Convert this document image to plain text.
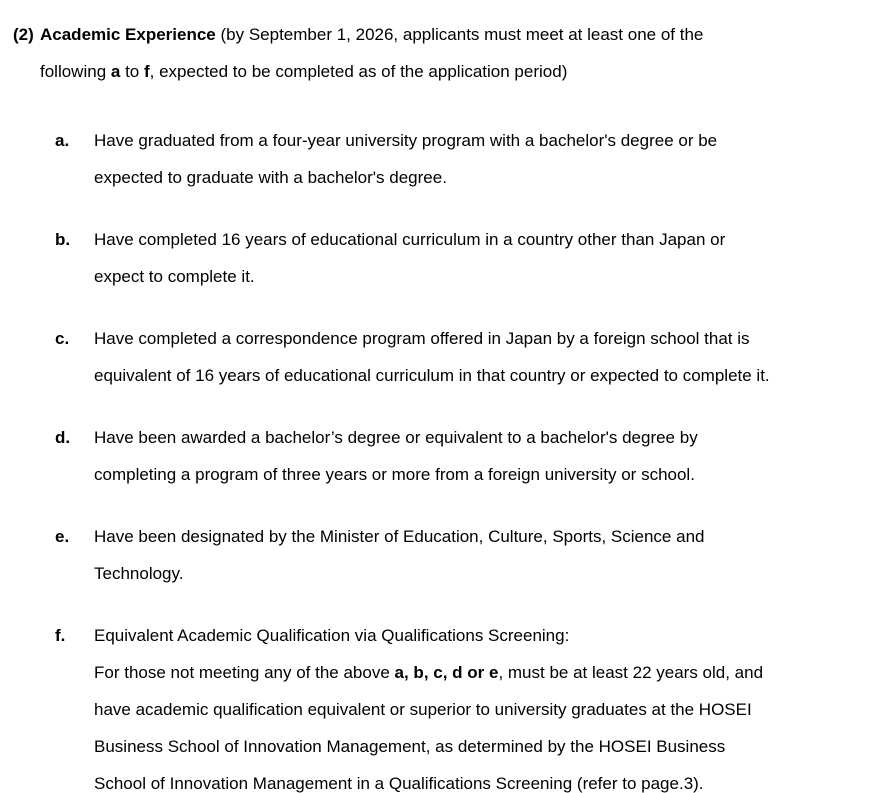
(2) Academic Experience (by September 1, 2026, applicants must meet at least one of the
following a to f, expected to be completed as of the application period)
a. Have graduated from a four-year university program with a bachelor's degree or be
expected to graduate with a bachelor's degree.
b. Have completed 16 years of educational curriculum in a country other than Japan or
expect to complete it.
c. Have completed a correspondence program offered in Japan by a foreign school that is
equivalent of 16 years of educational curriculum in that country or expected to complete it.
d. Have been awarded a bachelor’s degree or equivalent to a bachelor's degree by
completing a program of three years or more from a foreign university or school.
e. Have been designated by the Minister of Education, Culture, Sports, Science and
Technology.
f. Equivalent Academic Qualification via Qualifications Screening:
For those not meeting any of the above a, b, c, d or e, must be at least 22 years old, and
have academic qualification equivalent or superior to university graduates at the HOSEI
Business School of Innovation Management, as determined by the HOSEI Business
School of Innovation Management in a Qualifications Screening (refer to page.3).
